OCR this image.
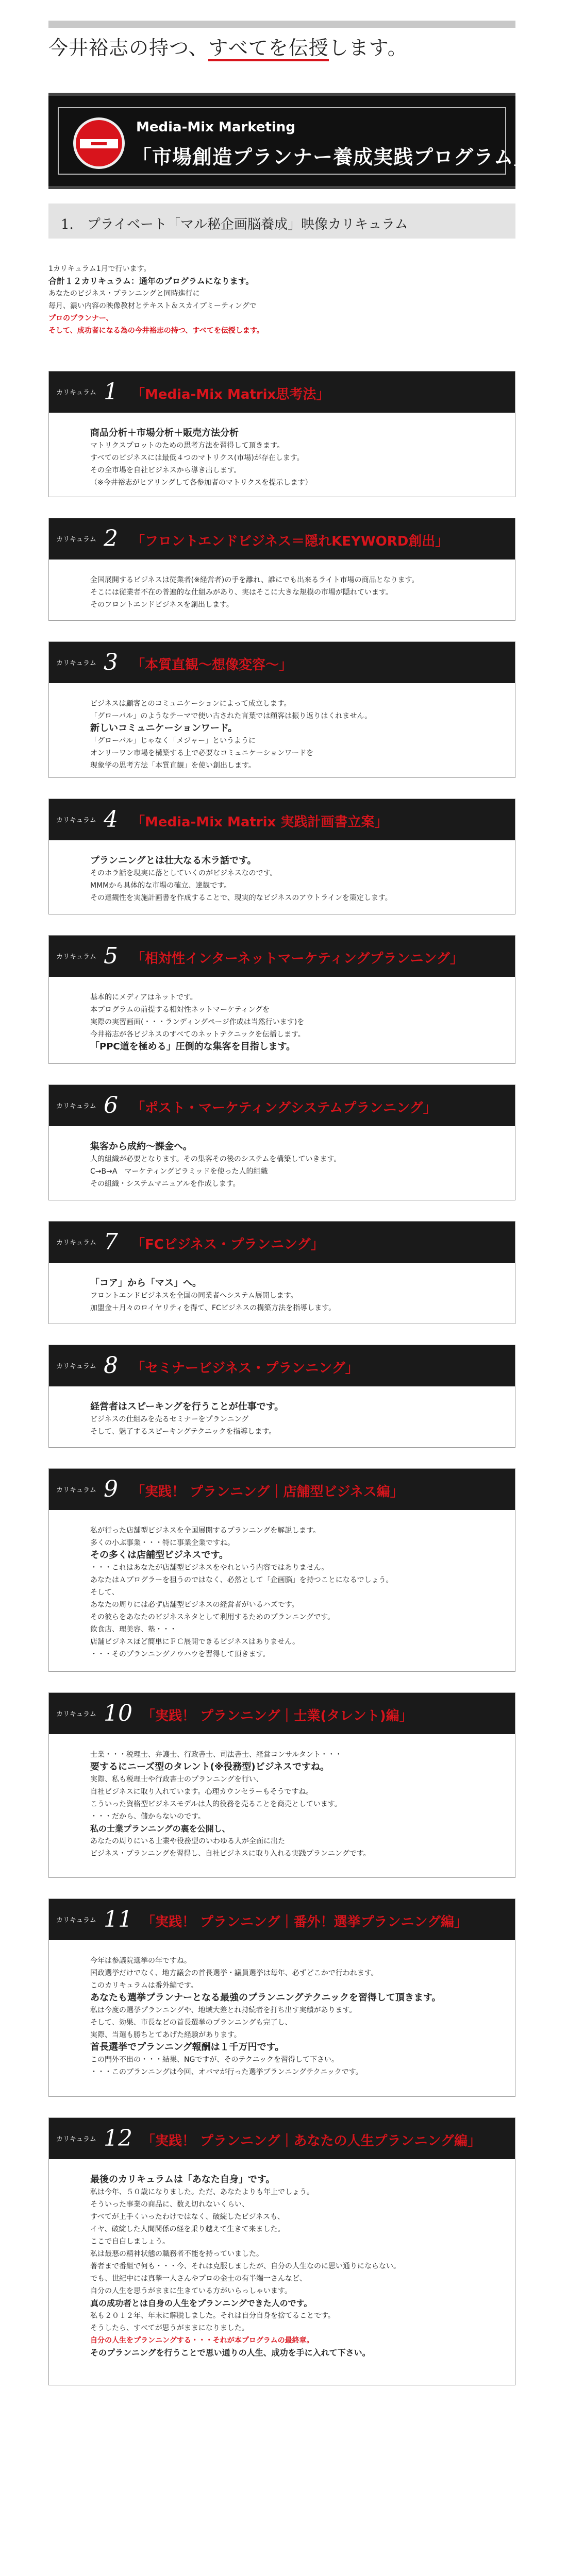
今井裕志の持つ、すべてを伝授します。
Media-Mix Marketing
「市場創造プランナー養成実践プログラム」
1.　プライベート「マル秘企画脳養成」映像カリキュラム
1カリキュラム1月で行います。
合計１２カリキュラム：通年のプログラムになります。
あなたのビジネス・プランニングと同時進行に
毎月、濃い内容の映像教材とテキスト＆スカイプミーティングで
プロのプランナー、
そして、成功者になる為の今井裕志の持つ、すべてを伝授します。
カリキュラム 1 「Media-Mix Matrix思考法」
商品分析＋市場分析＋販売方法分析
マトリクスプロットのための思考方法を習得して頂きます。
すべてのビジネスには最低４つのマトリクス(市場)が存在します。
その全市場を自社ビジネスから導き出します。
（※今井裕志がヒアリングして各参加者のマトリクスを提示します）
カリキュラム 2 「フロントエンドビジネス＝隠れKEYWORD創出」
全国展開するビジネスは従業者(※経営者)の手を離れ、誰にでも出来るライト市場の商品となります。
そこには従業者不在の普遍的な仕組みがあり、実はそこに大きな規模の市場が隠れています。
そのフロントエンドビジネスを創出します。
カリキュラム 3 「本質直観〜想像変容〜」
ビジネスは顧客とのコミュニケーションによって成立します。
「グローバル」のようなテーマで使い古された言葉では顧客は振り返りはくれません。
新しいコミュニケーションワード。
「グローバル」じゃなく「メジャー」というように
オンリーワン市場を構築する上で必要なコミュニケーションワードを
現象学の思考方法「本質直観」を使い創出します。
カリキュラム 4 「Media-Mix Matrix 実践計画書立案」
プランニングとは壮大なる木ラ話です。
そのホラ話を現実に落としていくのがビジネスなのです。
MMMから具体的な市場の確立、達観です。
その達観性を実施計画書を作成することで、現実的なビジネスのアウトラインを策定します。
カリキュラム 5 「相対性インターネットマーケティングプランニング」
基本的にメディアはネットです。
本プログラムの前提する相対性ネットマーケティングを
実際の実習画面(・・・ランディングページ作成は当然行います)を
今井裕志が各ビジネスのすべてのネットテクニックを伝播します。
「PPC道を極める」圧倒的な集客を目指します。
カリキュラム 6 「ポスト・マーケティングシステムプランニング」
集客から成約〜課金へ。
人的組織が必要となります。その集客その後のシステムを構築していきます。
C→B→A　マーケティングピラミッドを使った人的組織
その組織・システムマニュアルを作成します。
カリキュラム 7 「FCビジネス・プランニング」
「コア」から「マス」へ。
フロントエンドビジネスを全国の同業者へシステム展開します。
加盟金＋月々のロイヤリティを得て、FCビジネスの構築方法を指導します。
カリキュラム 8 「セミナービジネス・プランニング」
経営者はスピーキングを行うことが仕事です。
ビジネスの仕組みを売るセミナーをプランニング
そして、魅了するスピーキングテクニックを指導します。
カリキュラム 9 「実践！ プランニング｜店舗型ビジネス編」
私が行った店舗型ビジネスを全国展開するプランニングを解説します。
多くの小ぶ事業・・・特に事業企業ですね。
その多くは店舗型ビジネスです。
・・・これはあなたが店舗型ビジネスをやれという内容ではありません。
あなたはＡプログラーを狙うのではなく、必然として「企画脳」を持つことになるでしょう。
そして、
あなたの周りには必ず店舗型ビジネスの経営者がいるハズです。
その彼らをあなたのビジネスネタとして利用するためのプランニングです。
飲食店、理美容、塾・・・
店舗ビジネスほど簡単にＦＣ展開できるビジネスはありません。
・・・そのプランニングノウハウを習得して頂きます。
カリキュラム 10 「実践！ プランニング｜士業(タレント)編」
士業・・・税理士、弁護士、行政書士、司法書士、経営コンサルタント・・・
要するにニーズ型のタレント(※役務型)ビジネスですね。
実際、私も税理士や行政書士のプランニングを行い、
自社ビジネスに取り入れています。心理カウンセラーもそうですね。
こういった資格型ビジネスモデルは人的役務を売ることを商売としています。
・・・だから、儲からないのです。
私の士業プランニングの裏を公開し、
あなたの周りにいる士業や役務型のいわゆる人が全面に出た
ビジネス・プランニングを習得し、自社ビジネスに取り入れる実践プランニングです。
カリキュラム 11 「実践！ プランニング｜番外！選挙プランニング編」
今年は参議院選挙の年ですね。
国政選挙だけでなく、地方議会の首長選挙・議員選挙は毎年、必ずどこかで行われます。
このカリキュラムは番外編です。
あなたも選挙プランナーとなる最強のプランニングテクニックを習得して頂きます。
私は今度の選挙プランニングや、地域大差とれ持続者を打ち出す実績があります。
そして、効果、市長などの首長選挙のプランニングも完了し、
実際、当選も勝ちとてあげた経験があります。
首長選挙でプランニング報酬は１千万円です。
この門外不出の・・・結果、NGですが、そのテクニックを習得して下さい。
・・・このプランニングは今回、オバマが行った選挙プランニングテクニックです。
カリキュラム 12 「実践！ プランニング｜あなたの人生プランニング編」
最後のカリキュラムは「あなた自身」です。
私は今年、５０歳になりました。ただ、あなたよりも年上でしょう。
そういった事業の商品に、数え切れないくらい、
すべてが上手くいったわけではなく、破綻したビジネスも、
イヤ、破綻した人間関係の経を乗り越えて生きて来ました。
ここで自白しましょう。
私は最悪の精神状態の職務者不能を持っていました。
著者まで番組で何も・・・今、それは克服しましたが、自分の人生なのに思い通りにならない。
でも、世紀中には真摯一人さんやプロの金士の有半端一さんなど、
自分の人生を思うがままに生きている方がいらっしゃいます。
真の成功者とは自身の人生をプランニングできた人のです。
私も２０１２年、年末に解脱しました。それは自分自身を捨てることです。
そうしたら、すべてが思うがままになりました。
自分の人生をプランニングする・・・それが本プログラムの最終章。
そのプランニングを行うことで思い通りの人生、成功を手に入れて下さい。
